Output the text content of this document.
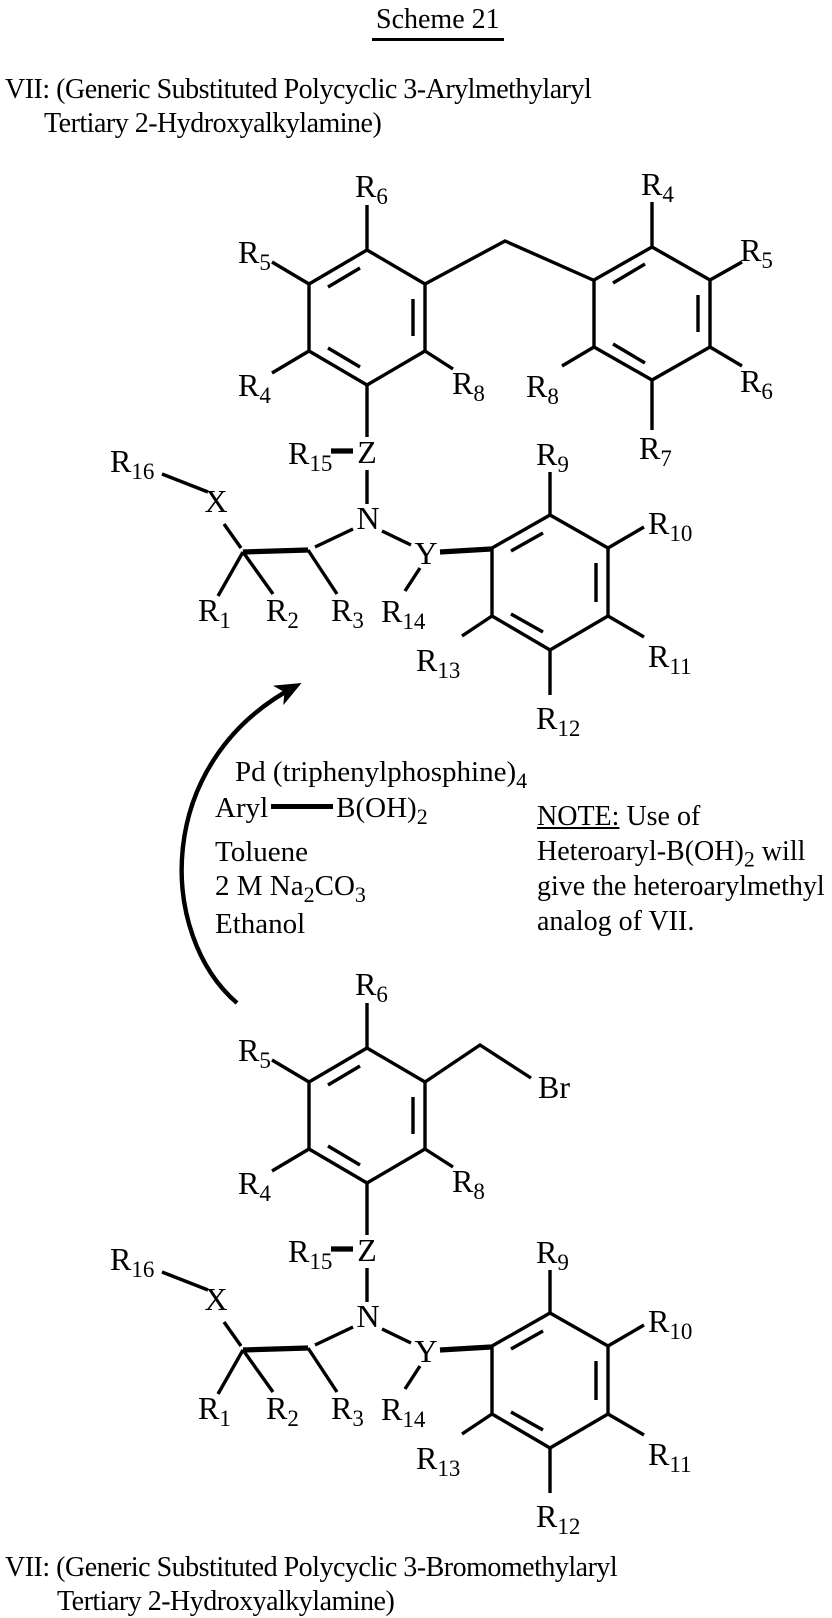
Scheme 21
VII: (Generic Substituted Polycyclic 3-Arylmethylaryl
Tertiary 2-Hydroxyalkylamine)
$R_6$
$R_5$
$R_4$	$R_8$
$R_4$
$R_5$
$R_6$
$R_7$
$R_8$
$R_{16}$
X
$R_{15}$ Z
N
Y
$R_1$ $R_2$ $R_3$ $R_{14}$
$R_9$
$R_{10}$
$R_{11}$
$R_{12}$
$R_{13}$
$R_6$
$R_5$
$R_4$	$R_8$
Br
$R_{16}$
X
$R_{15}$ Z
N
Y
$R_1$ $R_2$ $R_3$ $R_{14}$
$R_9$
$R_{10}$
$R_{11}$
$R_{12}$
$R_{13}$
Pd $(triphenylphosphine)_4$
Aryl $B(OH)_2$
Toluene
2 M $Na_2CO_3$
Ethanol
NOTE: Use of
Heteroaryl-$B(OH)_2$ will
give the heteroarylmethyl
analog of VII.
VII: (Generic Substituted Polycyclic 3-Bromomethylaryl
Tertiary 2-Hydroxyalkylamine)
